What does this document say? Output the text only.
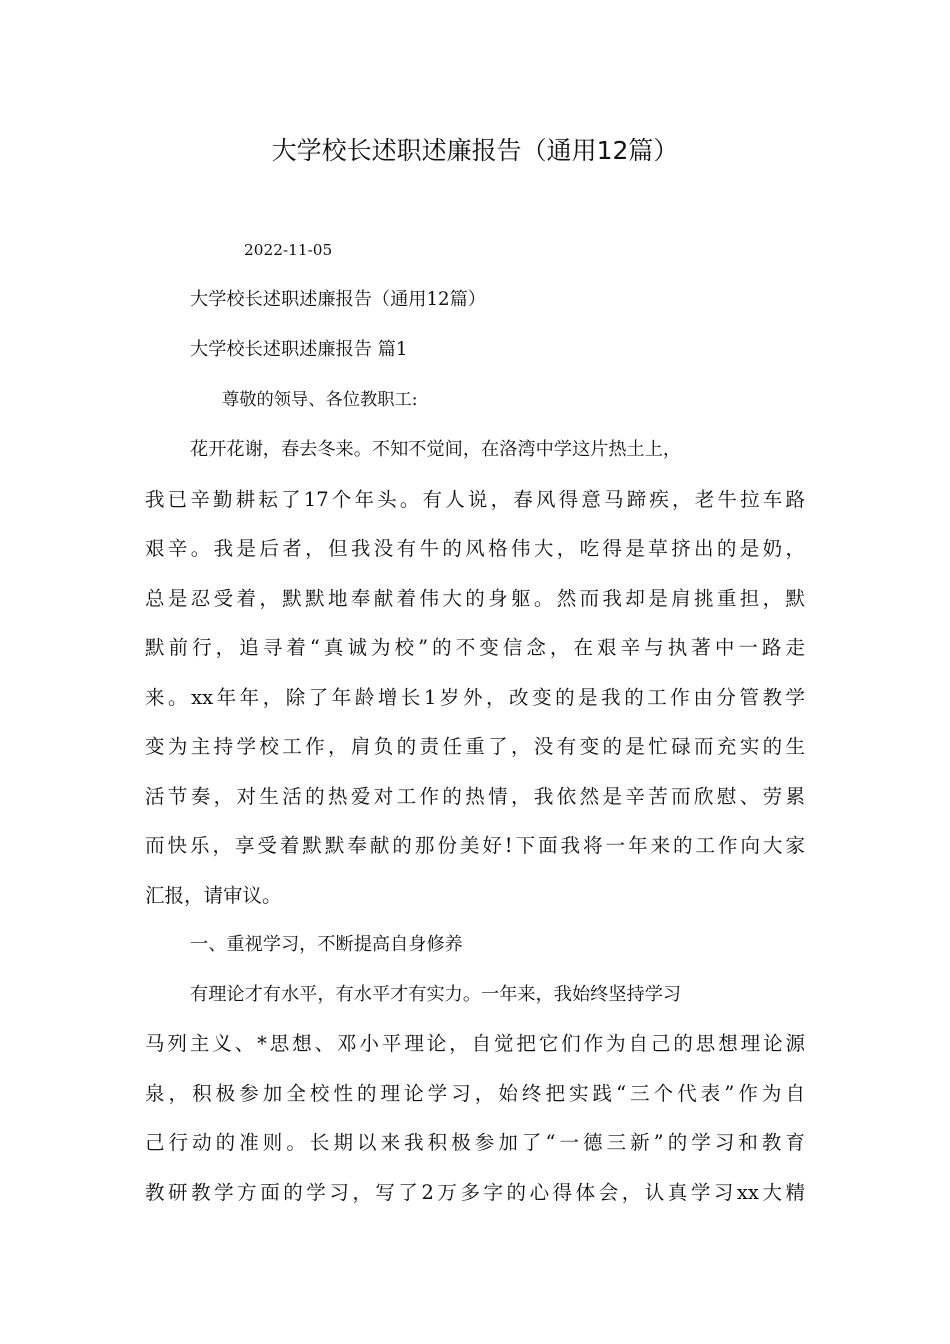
大学校长述职述廉报告（通用12篇）

2022-11-05

大学校长述职述廉报告（通用12篇）

大学校长述职述廉报告 篇1

尊敬的领导、各位教职工:

花开花谢，春去冬来。不知不觉间，在洛湾中学这片热土上，

我已辛勤耕耘了17个年头。有人说，春风得意马蹄疾，老牛拉车路

艰辛。我是后者，但我没有牛的风格伟大，吃得是草挤出的是奶，

总是忍受着，默默地奉献着伟大的身躯。然而我却是肩挑重担，默

默前行，追寻着“真诚为校”的不变信念，在艰辛与执著中一路走

来。xx年年，除了年龄增长1岁外，改变的是我的工作由分管教学

变为主持学校工作，肩负的责任重了，没有变的是忙碌而充实的生

活节奏，对生活的热爱对工作的热情，我依然是辛苦而欣慰、劳累

而快乐，享受着默默奉献的那份美好!下面我将一年来的工作向大家

汇报，请审议。

一、重视学习，不断提高自身修养

有理论才有水平，有水平才有实力。一年来，我始终坚持学习

马列主义、*思想、邓小平理论，自觉把它们作为自己的思想理论源

泉，积极参加全校性的理论学习，始终把实践“三个代表”作为自

己行动的准则。长期以来我积极参加了“一德三新”的学习和教育

教研教学方面的学习，写了2万多字的心得体会，认真学习xx大精
